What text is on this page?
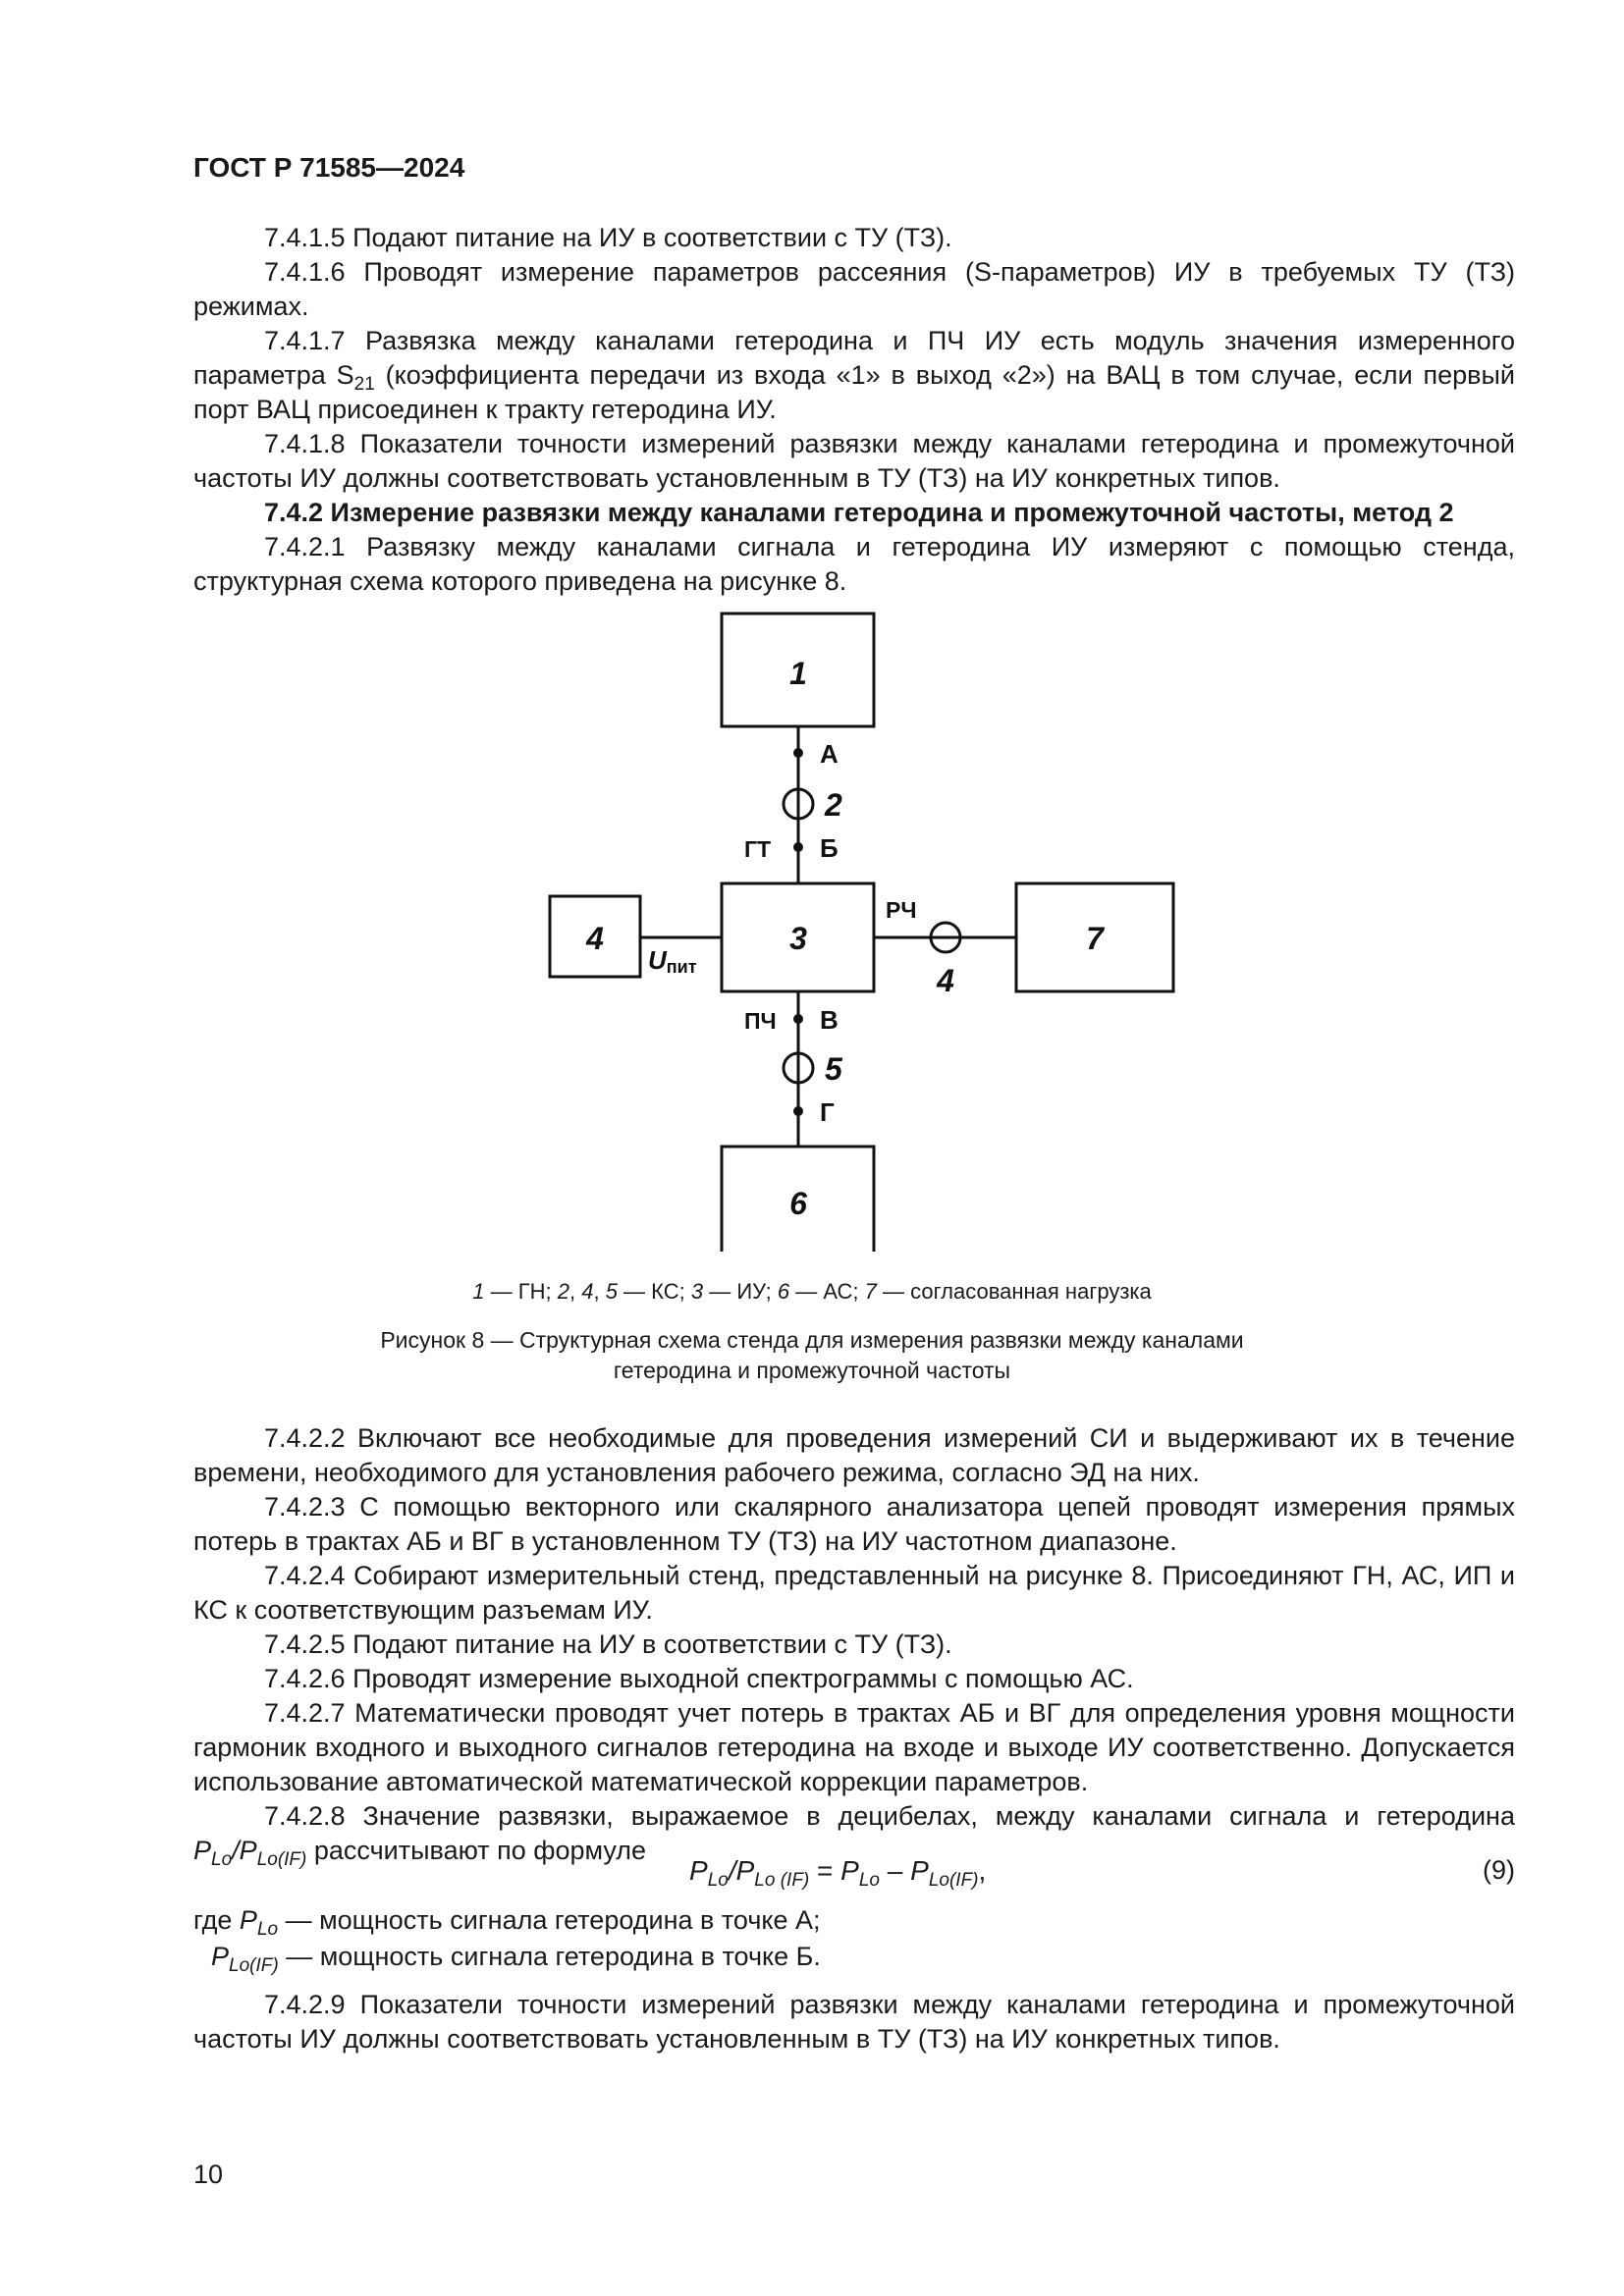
ГОСТ Р 71585—2024

7.4.1.5 Подают питание на ИУ в соответствии с ТУ (ТЗ).

7.4.1.6 Проводят измерение параметров рассеяния (S-параметров) ИУ в требуемых ТУ (ТЗ) режимах.

7.4.1.7 Развязка между каналами гетеродина и ПЧ ИУ есть модуль значения измеренного параметра $S_{21}$ (коэффициента передачи из входа «1» в выход «2») на ВАЦ в том случае, если первый порт ВАЦ присоединен к тракту гетеродина ИУ.

7.4.1.8 Показатели точности измерений развязки между каналами гетеродина и промежуточной частоты ИУ должны соответствовать установленным в ТУ (ТЗ) на ИУ конкретных типов.

7.4.2 Измерение развязки между каналами гетеродина и промежуточной частоты, метод 2

7.4.2.1 Развязку между каналами сигнала и гетеродина ИУ измеряют с помощью стенда, структурная схема которого приведена на рисунке 8.

1
3
4
6
7
А
Б
В
Г
2
4
5
ГТ
РЧ
ПЧ
Uпит
1 — ГН; 2, 4, 5 — КС; 3 — ИУ; 6 — АС; 7 — согласованная нагрузка
Рисунок 8 — Структурная схема стенда для измерения развязки между каналами
гетеродина и промежуточной частоты

7.4.2.2 Включают все необходимые для проведения измерений СИ и выдерживают их в течение времени, необходимого для установления рабочего режима, согласно ЭД на них.

7.4.2.3 С помощью векторного или скалярного анализатора цепей проводят измерения прямых потерь в трактах АБ и ВГ в установленном ТУ (ТЗ) на ИУ частотном диапазоне.

7.4.2.4 Собирают измерительный стенд, представленный на рисунке 8. Присоединяют ГН, АС, ИП и КС к соответствующим разъемам ИУ.

7.4.2.5 Подают питание на ИУ в соответствии с ТУ (ТЗ).

7.4.2.6 Проводят измерение выходной спектрограммы с помощью АС.

7.4.2.7 Математически проводят учет потерь в трактах АБ и ВГ для определения уровня мощности гармоник входного и выходного сигналов гетеродина на входе и выходе ИУ соответственно. Допускается использование автоматической математической коррекции параметров.

7.4.2.8 Значение развязки, выражаемое в децибелах, между каналами сигнала и гетеродина $P_{Lo}/P_{Lo(IF)}$ рассчитывают по формуле

$P_{Lo}/P_{Lo (IF)} = P_{Lo} - P_{Lo(IF)}$,	(9)
где $P_{Lo}$ — мощность сигнала гетеродина в точке А;
$P_{Lo(IF)}$ — мощность сигнала гетеродина в точке Б.

7.4.2.9 Показатели точности измерений развязки между каналами гетеродина и промежуточной частоты ИУ должны соответствовать установленным в ТУ (ТЗ) на ИУ конкретных типов.

10
